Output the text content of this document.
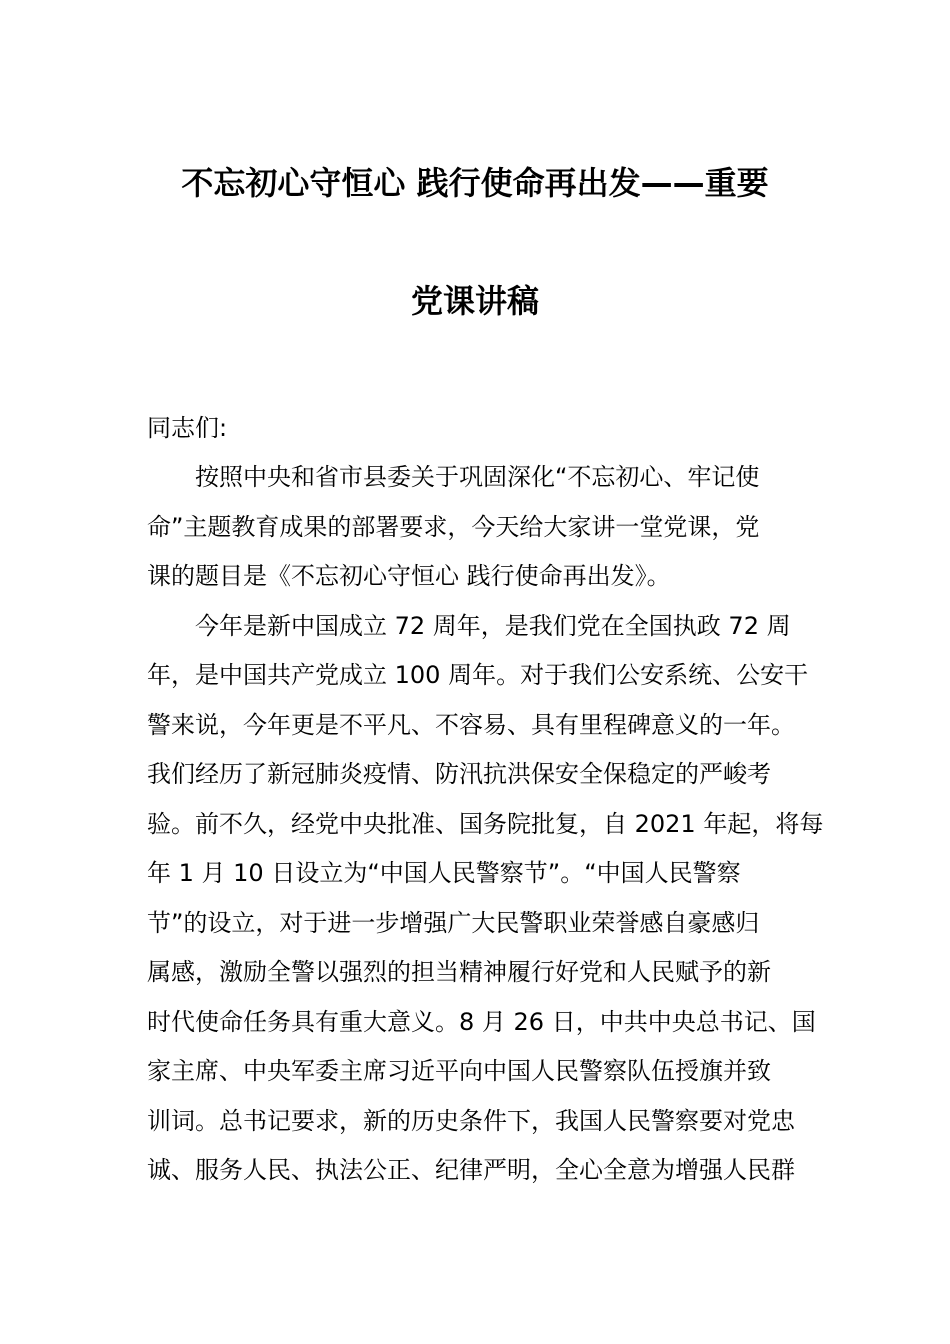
不忘初心守恒心 践行使命再出发——重要
党课讲稿
同志们:
按照中央和省市县委关于巩固深化“不忘初心、牢记使
命”主题教育成果的部署要求，今天给大家讲一堂党课，党
课的题目是《不忘初心守恒心 践行使命再出发》。
今年是新中国成立 72 周年，是我们党在全国执政 72 周
年，是中国共产党成立 100 周年。对于我们公安系统、公安干
警来说，今年更是不平凡、不容易、具有里程碑意义的一年。
我们经历了新冠肺炎疫情、防汛抗洪保安全保稳定的严峻考
验。前不久，经党中央批准、国务院批复，自 2021 年起，将每
年 1 月 10 日设立为“中国人民警察节”。“中国人民警察
节”的设立，对于进一步增强广大民警职业荣誉感自豪感归
属感，激励全警以强烈的担当精神履行好党和人民赋予的新
时代使命任务具有重大意义。8 月 26 日，中共中央总书记、国
家主席、中央军委主席习近平向中国人民警察队伍授旗并致
训词。总书记要求，新的历史条件下，我国人民警察要对党忠
诚、服务人民、执法公正、纪律严明，全心全意为增强人民群
